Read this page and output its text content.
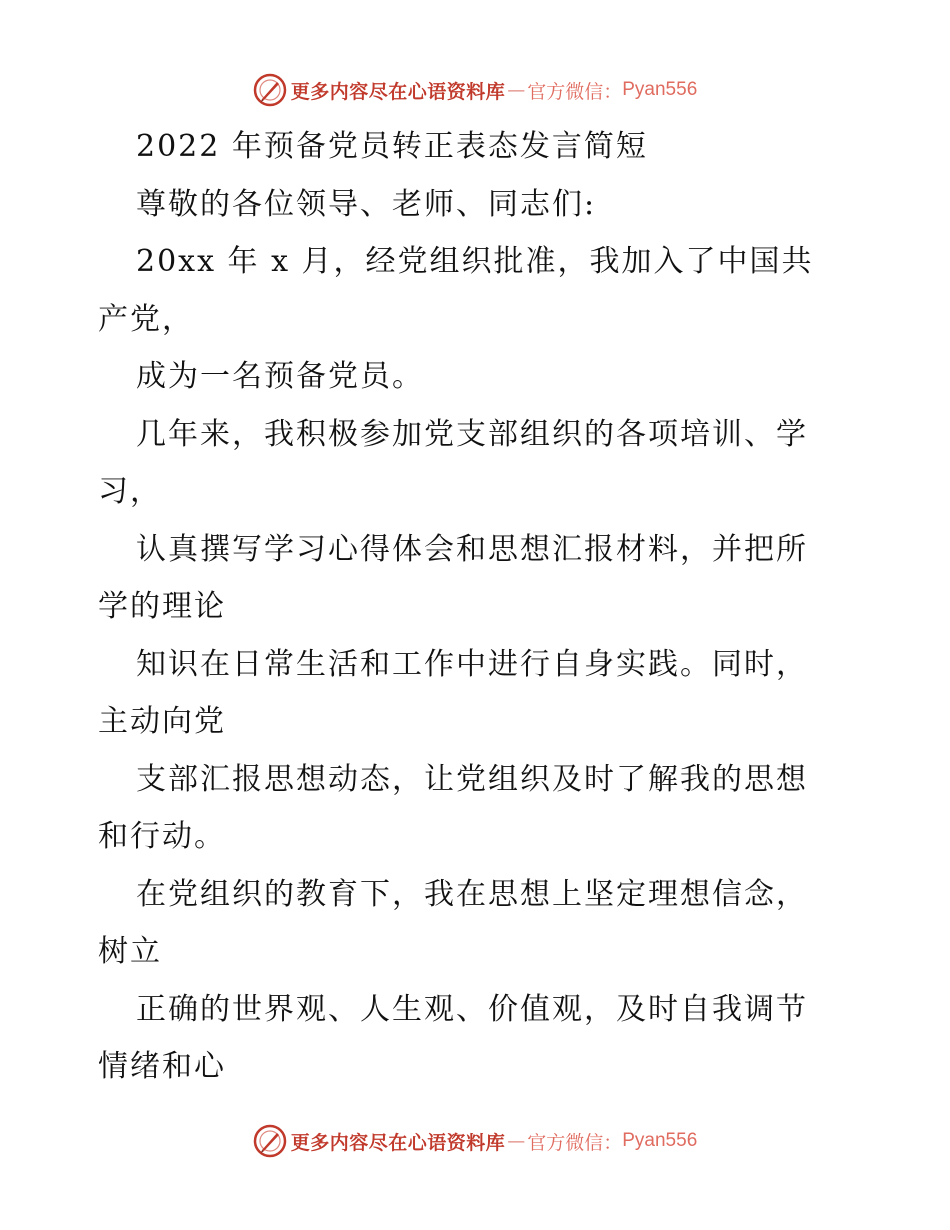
更多内容尽在心语资料库 — 官方微信： Pyan556
2022 年预备党员转正表态发言简短
尊敬的各位领导、老师、同志们:
20xx 年 x 月，经党组织批准，我加入了中国共
产党，
成为一名预备党员。
几年来，我积极参加党支部组织的各项培训、学
习，
认真撰写学习心得体会和思想汇报材料，并把所
学的理论
知识在日常生活和工作中进行自身实践。同时，
主动向党
支部汇报思想动态，让党组织及时了解我的思想
和行动。
在党组织的教育下，我在思想上坚定理想信念，
树立
正确的世界观、人生观、价值观，及时自我调节
情绪和心
更多内容尽在心语资料库 — 官方微信： Pyan556
